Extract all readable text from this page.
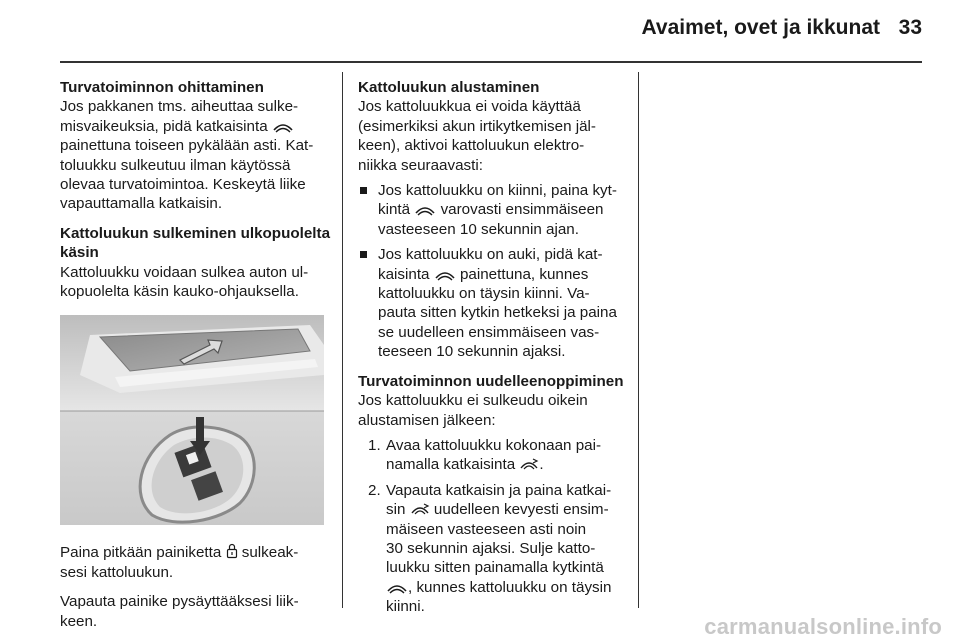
Avaimet, ovet ja ikkunat 33

Turvatoiminnon ohittaminen

Jos pakkanen tms. aiheuttaa sulke-
misvaikeuksia, pidä katkaisinta
painettuna toiseen pykälään asti. Kat-
toluukku sulkeutuu ilman käytössä
olevaa turvatoimintoa. Keskeytä liike
vapauttamalla katkaisin.
Kattoluukun sulkeminen ulkopuolelta
käsin
Kattoluukku voidaan sulkea auton ul-
kopuolelta käsin kauko-ohjauksella.
Paina pitkään painiketta sulkeak-
sesi kattoluukun.
Vapauta painike pysäyttääksesi liik-
keen.

Kattoluukun alustaminen

Jos kattoluukkua ei voida käyttää
(esimerkiksi akun irtikytkemisen jäl-
keen), aktivoi kattoluukun elektro-
niikka seuraavasti:
Jos kattoluukku on kiinni, paina kyt-
kintä varovasti ensimmäiseen
vasteeseen 10 sekunnin ajan.
Jos kattoluukku on auki, pidä kat-
kaisinta painettuna, kunnes
kattoluukku on täysin kiinni. Va-
pauta sitten kytkin hetkeksi ja paina
se uudelleen ensimmäiseen vas-
teeseen 10 sekunnin ajaksi.

Turvatoiminnon uudelleenoppiminen

Jos kattoluukku ei sulkeudu oikein
alustamisen jälkeen:
1. Avaa kattoluukku kokonaan pai-
namalla katkaisinta .
2. Vapauta katkaisin ja paina katkai-
sin uudelleen kevyesti ensim-
mäiseen vasteeseen asti noin
30 sekunnin ajaksi. Sulje katto-
luukku sitten painamalla kytkintä
, kunnes kattoluukku on täysin
kiinni.
carmanualsonline.info
